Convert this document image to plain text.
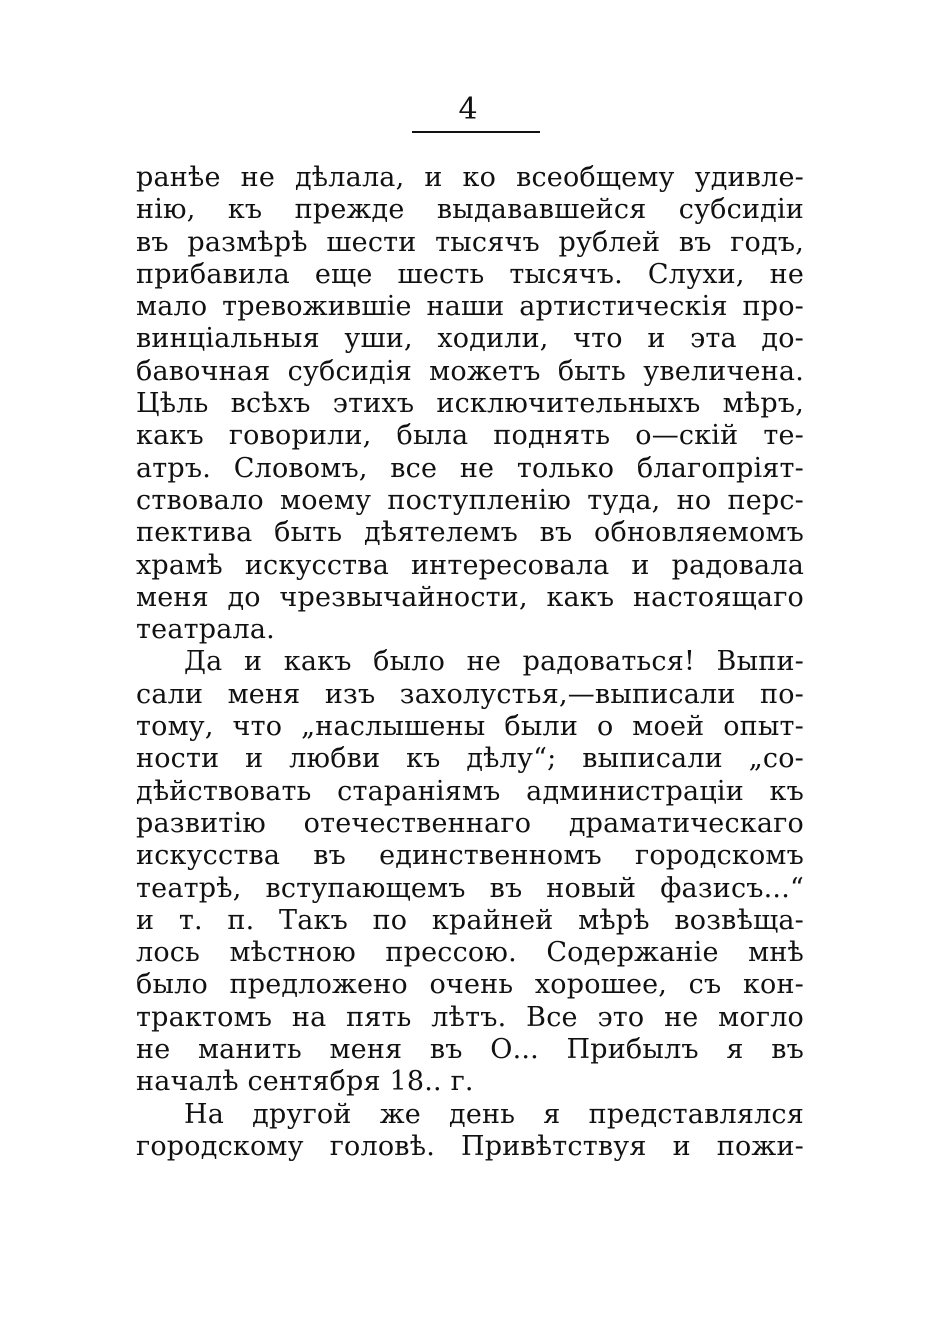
4
ранѣе не дѣлала, и ко всеобщему удивле-
нію, къ прежде выдававшейся субсидіи
въ размѣрѣ шести тысячъ рублей въ годъ,
прибавила еще шесть тысячъ. Слухи, не
мало тревожившіе наши артистическія про-
винціальныя уши, ходили, что и эта до-
бавочная субсидія можетъ быть увеличена.
Цѣль всѣхъ этихъ исключительныхъ мѣръ,
какъ говорили, была поднять о—скій те-
атръ. Словомъ, все не только благопріят-
ствовало моему поступленію туда, но перс-
пектива быть дѣятелемъ въ обновляемомъ
храмѣ искусства интересовала и радовала
меня до чрезвычайности, какъ настоящаго
театрала.
Да и какъ было не радоваться! Выпи-
сали меня изъ захолустья,—выписали по-
тому, что „наслышены были о моей опыт-
ности и любви къ дѣлу“; выписали „со-
дѣйствовать стараніямъ администраціи къ
развитію отечественнаго драматическаго
искусства въ единственномъ городскомъ
театрѣ, вступающемъ въ новый фазисъ...“
и т. п. Такъ по крайней мѣрѣ возвѣща-
лось мѣстною прессою. Содержаніе мнѣ
было предложено очень хорошее, съ кон-
трактомъ на пять лѣтъ. Все это не могло
не манить меня въ О... Прибылъ я въ
началѣ сентября 18.. г.
На другой же день я представлялся
городскому головѣ. Привѣтствуя и пожи-
